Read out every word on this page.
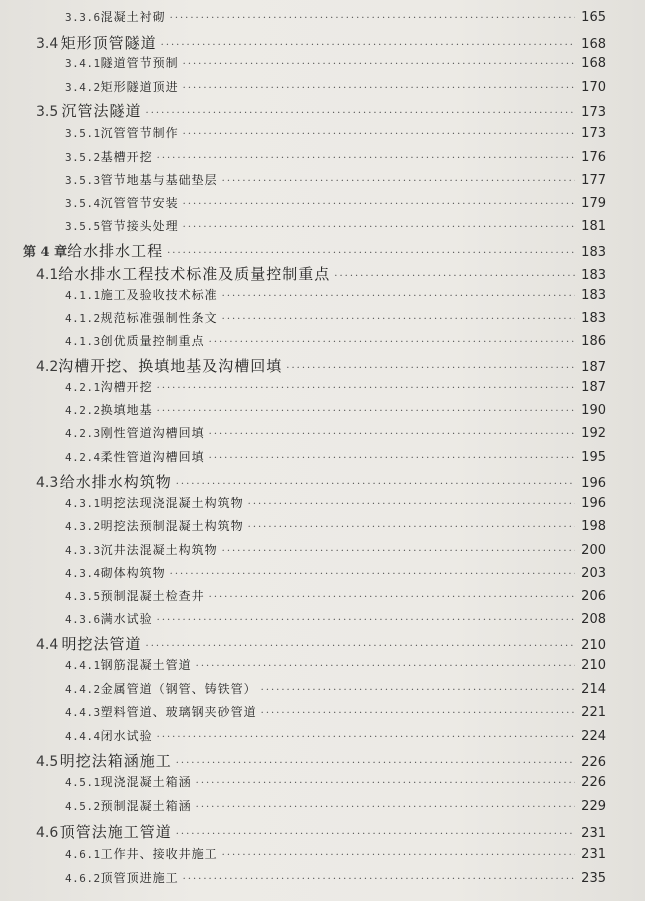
3.3.6 混凝土衬砌 ·····	165
3.4 矩形顶管隧道 ·····	168
3.4.1 隧道管节预制 ·····	168
3.4.2 矩形隧道顶进 ·····	170
3.5 沉管法隧道 ·····	173
3.5.1 沉管管节制作 ·····	173
3.5.2 基槽开挖 ·····	176
3.5.3 管节地基与基础垫层 ·····	177
3.5.4 沉管管节安装 ·····	179
3.5.5 管节接头处理 ·····	181
第 4 章 给水排水工程 ·····	183
4.1 给水排水工程技术标准及质量控制重点 ·····	183
4.1.1 施工及验收技术标准 ·····	183
4.1.2 规范标准强制性条文 ·····	183
4.1.3 创优质量控制重点 ·····	186
4.2 沟槽开挖、换填地基及沟槽回填 ·····	187
4.2.1 沟槽开挖 ·····	187
4.2.2 换填地基 ·····	190
4.2.3 刚性管道沟槽回填 ·····	192
4.2.4 柔性管道沟槽回填 ·····	195
4.3 给水排水构筑物 ·····	196
4.3.1 明挖法现浇混凝土构筑物 ·····	196
4.3.2 明挖法预制混凝土构筑物 ·····	198
4.3.3 沉井法混凝土构筑物 ·····	200
4.3.4 砌体构筑物 ·····	203
4.3.5 预制混凝土检查井 ·····	206
4.3.6 满水试验 ·····	208
4.4 明挖法管道 ·····	210
4.4.1 钢筋混凝土管道 ·····	210
4.4.2 金属管道（钢管、铸铁管） ·····	214
4.4.3 塑料管道、玻璃钢夹砂管道 ·····	221
4.4.4 闭水试验 ·····	224
4.5 明挖法箱涵施工 ·····	226
4.5.1 现浇混凝土箱涵 ·····	226
4.5.2 预制混凝土箱涵 ·····	229
4.6 顶管法施工管道 ·····	231
4.6.1 工作井、接收井施工 ·····	231
4.6.2 顶管顶进施工 ·····	235
